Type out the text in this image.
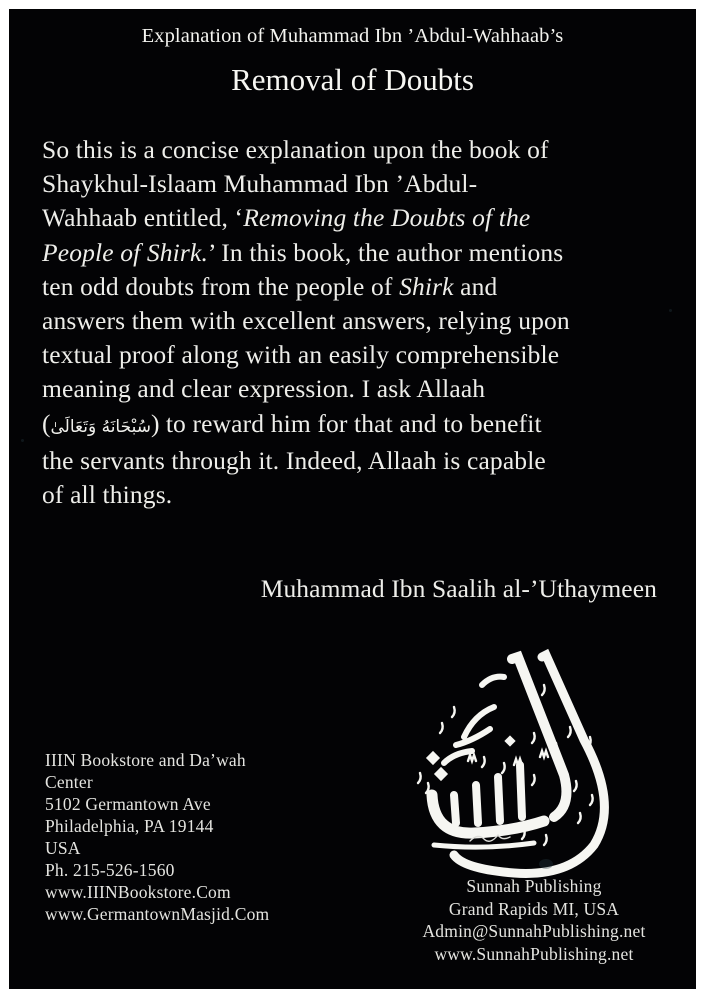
Explanation of Muhammad Ibn ’Abdul-Wahhaab’s
Removal of Doubts
So this is a concise explanation upon the book of
Shaykhul-Islaam Muhammad Ibn ’Abdul-
Wahhaab entitled, ‘Removing the Doubts of the
People of Shirk.’ In this book, the author mentions
ten odd doubts from the people of Shirk and
answers them with excellent answers, relying upon
textual proof along with an easily comprehensible
meaning and clear expression. I ask Allaah
(سُبْحَانَهُ وَتَعَالَىٰ) to reward him for that and to benefit
the servants through it. Indeed, Allaah is capable
of all things.
Muhammad Ibn Saalih al-’Uthaymeen
IIIN Bookstore and Da’wah
Center
5102 Germantown Ave
Philadelphia, PA 19144
USA
Ph. 215-526-1560
www.IIINBookstore.Com
www.GermantownMasjid.Com
Sunnah Publishing
Grand Rapids MI, USA
Admin@SunnahPublishing.net
www.SunnahPublishing.net
